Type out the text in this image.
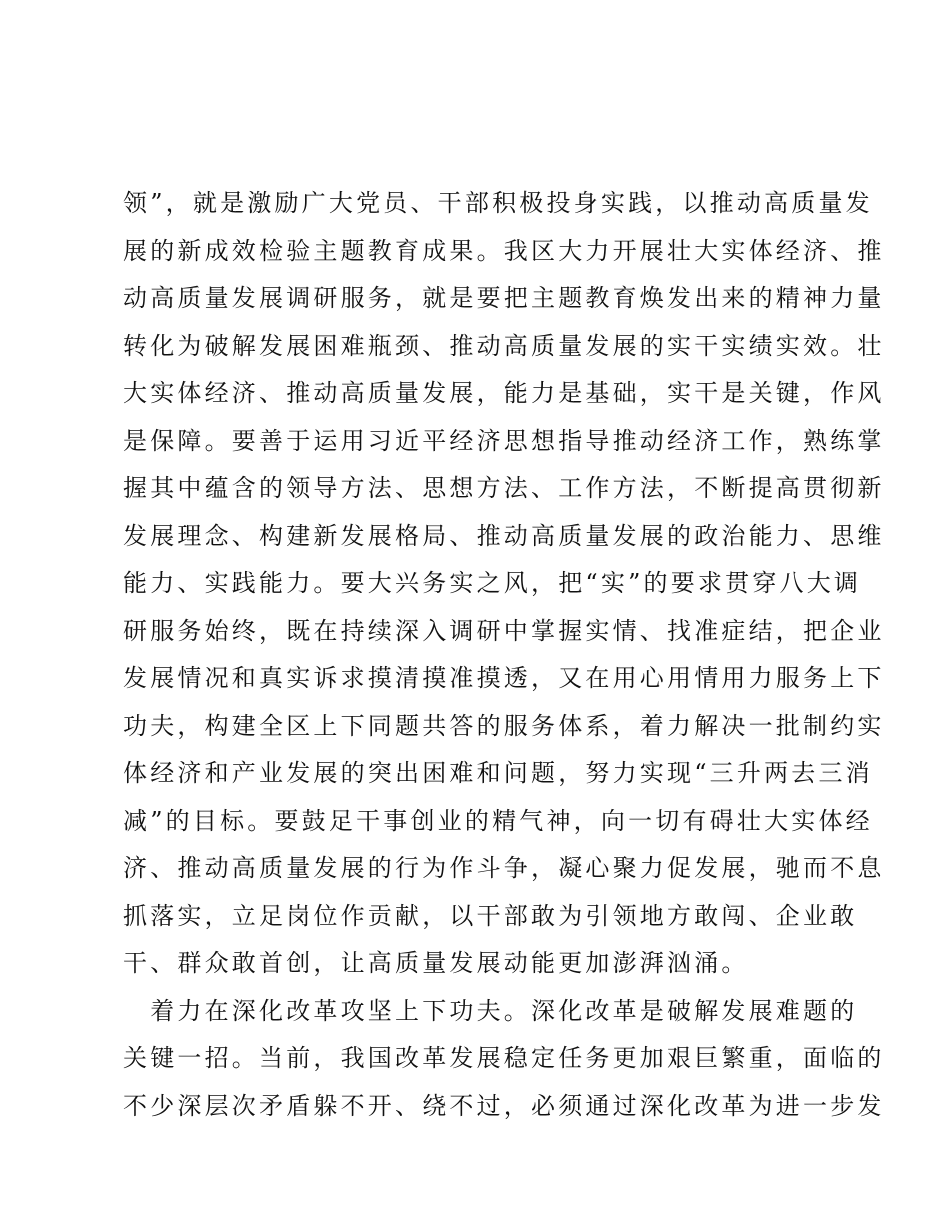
领”，就是激励广大党员、干部积极投身实践，以推动高质量发
展的新成效检验主题教育成果。我区大力开展壮大实体经济、推
动高质量发展调研服务，就是要把主题教育焕发出来的精神力量
转化为破解发展困难瓶颈、推动高质量发展的实干实绩实效。壮
大实体经济、推动高质量发展，能力是基础，实干是关键，作风
是保障。要善于运用习近平经济思想指导推动经济工作，熟练掌
握其中蕴含的领导方法、思想方法、工作方法，不断提高贯彻新
发展理念、构建新发展格局、推动高质量发展的政治能力、思维
能力、实践能力。要大兴务实之风，把“实”的要求贯穿八大调
研服务始终，既在持续深入调研中掌握实情、找准症结，把企业
发展情况和真实诉求摸清摸准摸透，又在用心用情用力服务上下
功夫，构建全区上下同题共答的服务体系，着力解决一批制约实
体经济和产业发展的突出困难和问题，努力实现“三升两去三消
减”的目标。要鼓足干事创业的精气神，向一切有碍壮大实体经
济、推动高质量发展的行为作斗争，凝心聚力促发展，驰而不息
抓落实，立足岗位作贡献，以干部敢为引领地方敢闯、企业敢
干、群众敢首创，让高质量发展动能更加澎湃汹涌。
　着力在深化改革攻坚上下功夫。深化改革是破解发展难题的
关键一招。当前，我国改革发展稳定任务更加艰巨繁重，面临的
不少深层次矛盾躲不开、绕不过，必须通过深化改革为进一步发
